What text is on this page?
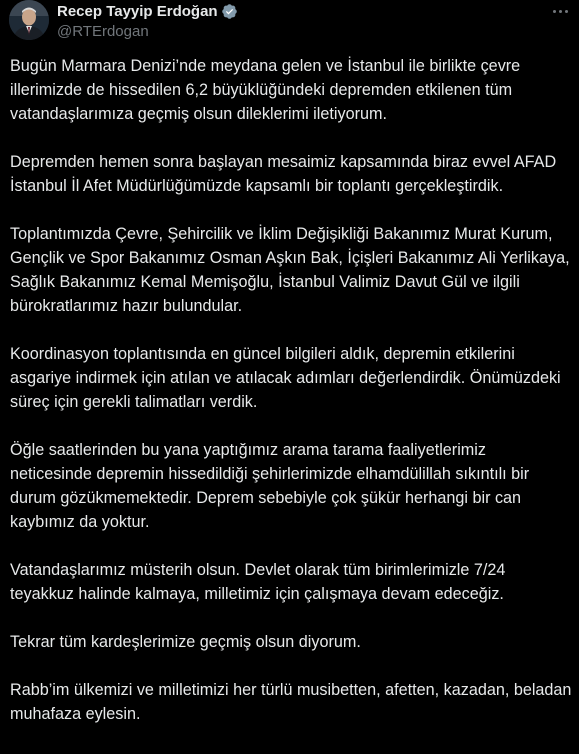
Recep Tayyip Erdoğan
@RTErdogan

Bugün Marmara Denizi’nde meydana gelen ve İstanbul ile birlikte çevre illerimizde de hissedilen 6,2 büyüklüğündeki depremden etkilenen tüm vatandaşlarımıza geçmiş olsun dileklerimi iletiyorum.

Depremden hemen sonra başlayan mesaimiz kapsamında biraz evvel AFAD İstanbul İl Afet Müdürlüğümüzde kapsamlı bir toplantı gerçekleştirdik.

Toplantımızda Çevre, Şehircilik ve İklim Değişikliği Bakanımız Murat Kurum, Gençlik ve Spor Bakanımız Osman Aşkın Bak, İçişleri Bakanımız Ali Yerlikaya, Sağlık Bakanımız Kemal Memişoğlu, İstanbul Valimiz Davut Gül ve ilgili bürokratlarımız hazır bulundular.

Koordinasyon toplantısında en güncel bilgileri aldık, depremin etkilerini asgariye indirmek için atılan ve atılacak adımları değerlendirdik. Önümüzdeki süreç için gerekli talimatları verdik.

Öğle saatlerinden bu yana yaptığımız arama tarama faaliyetlerimiz neticesinde depremin hissedildiği şehirlerimizde elhamdülillah sıkıntılı bir durum gözükmemektedir. Deprem sebebiyle çok şükür herhangi bir can kaybımız da yoktur.

Vatandaşlarımız müsterih olsun. Devlet olarak tüm birimlerimizle 7/24 teyakkuz halinde kalmaya, milletimiz için çalışmaya devam edeceğiz.

Tekrar tüm kardeşlerimize geçmiş olsun diyorum.

Rabb’im ülkemizi ve milletimizi her türlü musibetten, afetten, kazadan, beladan muhafaza eylesin.
